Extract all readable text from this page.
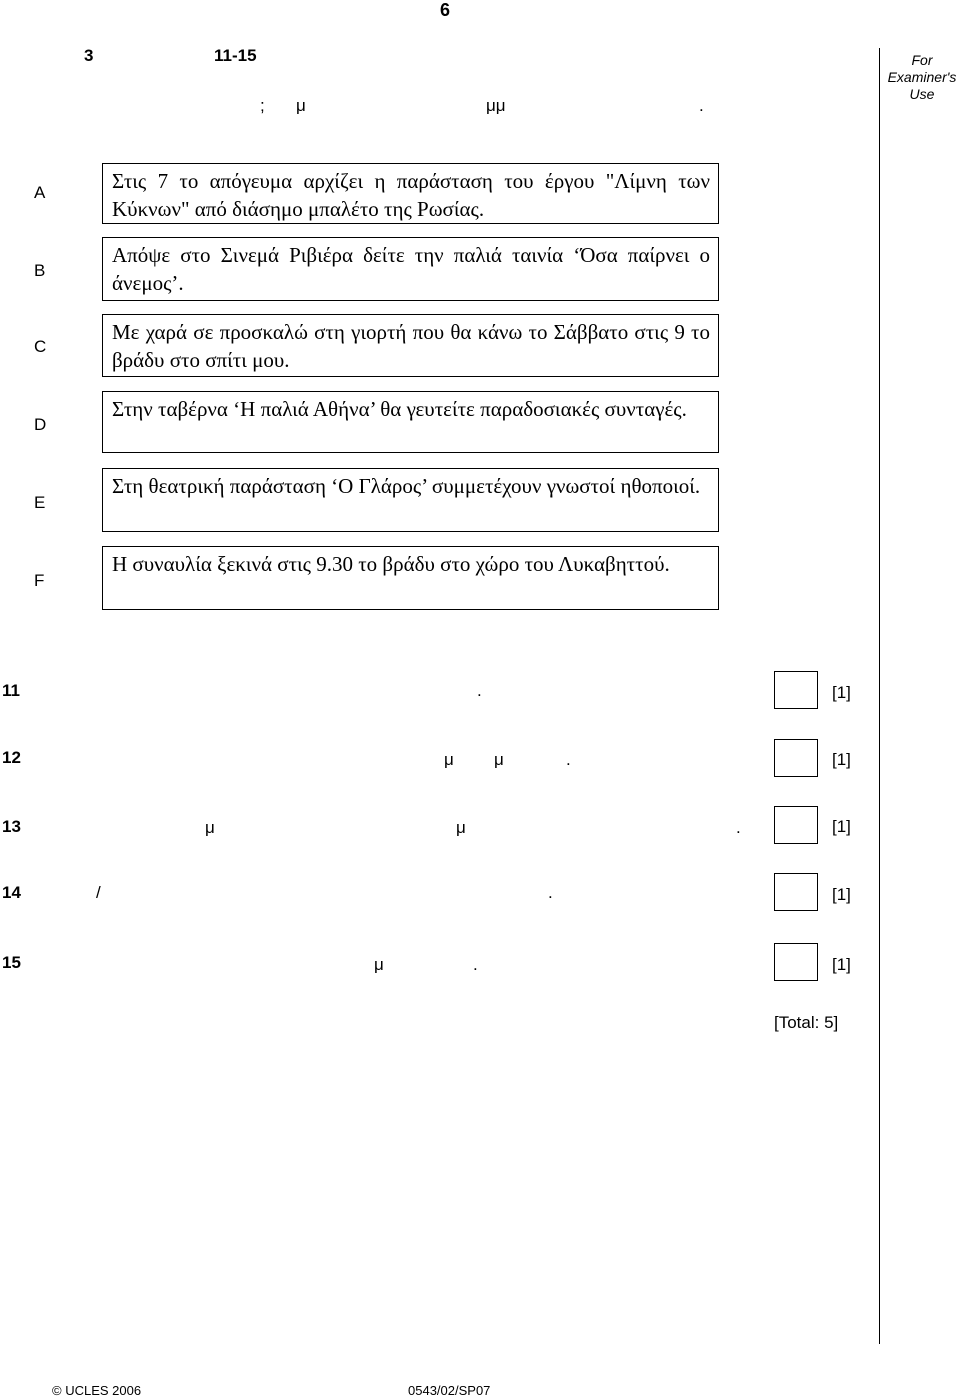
6
3	11-15
; μ	μμ	.
For
Examiner's
Use
A	Στις 7 το απόγευμα αρχίζει η παράσταση του έργου "Λίμνη των Κύκνων" από διάσημο μπαλέτο της Ρωσίας.
B
Απόψε στο Σινεμά Ριβιέρα δείτε την παλιά ταινία ‘Όσα παίρνει ο άνεμος’.
C
Με χαρά σε προσκαλώ στη γιορτή που θα κάνω το Σάββατο στις 9 το βράδυ στο σπίτι μου.
D
Στην ταβέρνα ‘Η παλιά Αθήνα’ θα γευτείτε παραδοσιακές συνταγές.
E
Στη θεατρική παράσταση ‘Ο Γλάρος’ συμμετέχουν γνωστοί ηθοποιοί.
F
Η συναυλία ξεκινά στις 9.30 το βράδυ στο χώρο του Λυκαβηττού.
11	.	[1]
12	μ μ	.	[1]
13	μ	μ	.	[1]
14	/	.	[1]
15	μ	.	[1]
[Total: 5]
© UCLES 2006	0543/02/SP07
